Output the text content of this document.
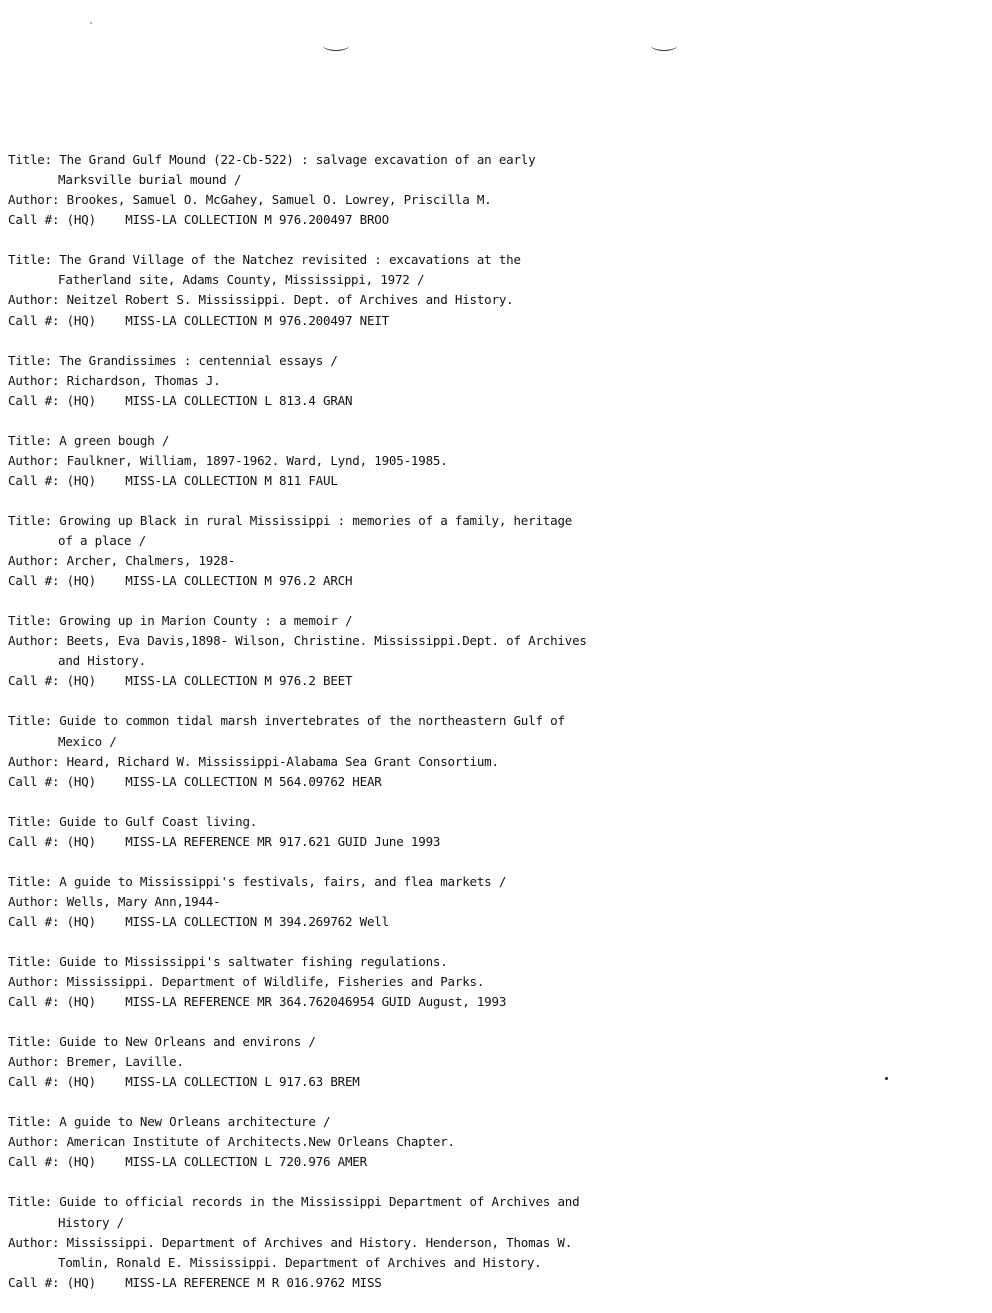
Title: The Grand Gulf Mound (22-Cb-522) : salvage excavation of an early
Marksville burial mound /
Author: Brookes, Samuel O. McGahey, Samuel O. Lowrey, Priscilla M.
Call #: (HQ)    MISS-LA COLLECTION M 976.200497 BROO
Title: The Grand Village of the Natchez revisited : excavations at the
Fatherland site, Adams County, Mississippi, 1972 /
Author: Neitzel Robert S. Mississippi. Dept. of Archives and History.
Call #: (HQ)    MISS-LA COLLECTION M 976.200497 NEIT
Title: The Grandissimes : centennial essays /
Author: Richardson, Thomas J.
Call #: (HQ)    MISS-LA COLLECTION L 813.4 GRAN
Title: A green bough /
Author: Faulkner, William, 1897-1962. Ward, Lynd, 1905-1985.
Call #: (HQ)    MISS-LA COLLECTION M 811 FAUL
Title: Growing up Black in rural Mississippi : memories of a family, heritage
of a place /
Author: Archer, Chalmers, 1928-
Call #: (HQ)    MISS-LA COLLECTION M 976.2 ARCH
Title: Growing up in Marion County : a memoir /
Author: Beets, Eva Davis,1898- Wilson, Christine. Mississippi.Dept. of Archives
and History.
Call #: (HQ)    MISS-LA COLLECTION M 976.2 BEET
Title: Guide to common tidal marsh invertebrates of the northeastern Gulf of
Mexico /
Author: Heard, Richard W. Mississippi-Alabama Sea Grant Consortium.
Call #: (HQ)    MISS-LA COLLECTION M 564.09762 HEAR
Title: Guide to Gulf Coast living.
Call #: (HQ)    MISS-LA REFERENCE MR 917.621 GUID June 1993
Title: A guide to Mississippi's festivals, fairs, and flea markets /
Author: Wells, Mary Ann,1944-
Call #: (HQ)    MISS-LA COLLECTION M 394.269762 Well
Title: Guide to Mississippi's saltwater fishing regulations.
Author: Mississippi. Department of Wildlife, Fisheries and Parks.
Call #: (HQ)    MISS-LA REFERENCE MR 364.762046954 GUID August, 1993
Title: Guide to New Orleans and environs /
Author: Bremer, Laville.
Call #: (HQ)    MISS-LA COLLECTION L 917.63 BREM
Title: A guide to New Orleans architecture /
Author: American Institute of Architects.New Orleans Chapter.
Call #: (HQ)    MISS-LA COLLECTION L 720.976 AMER
Title: Guide to official records in the Mississippi Department of Archives and
History /
Author: Mississippi. Department of Archives and History. Henderson, Thomas W.
Tomlin, Ronald E. Mississippi. Department of Archives and History.
Call #: (HQ)    MISS-LA REFERENCE M R 016.9762 MISS
